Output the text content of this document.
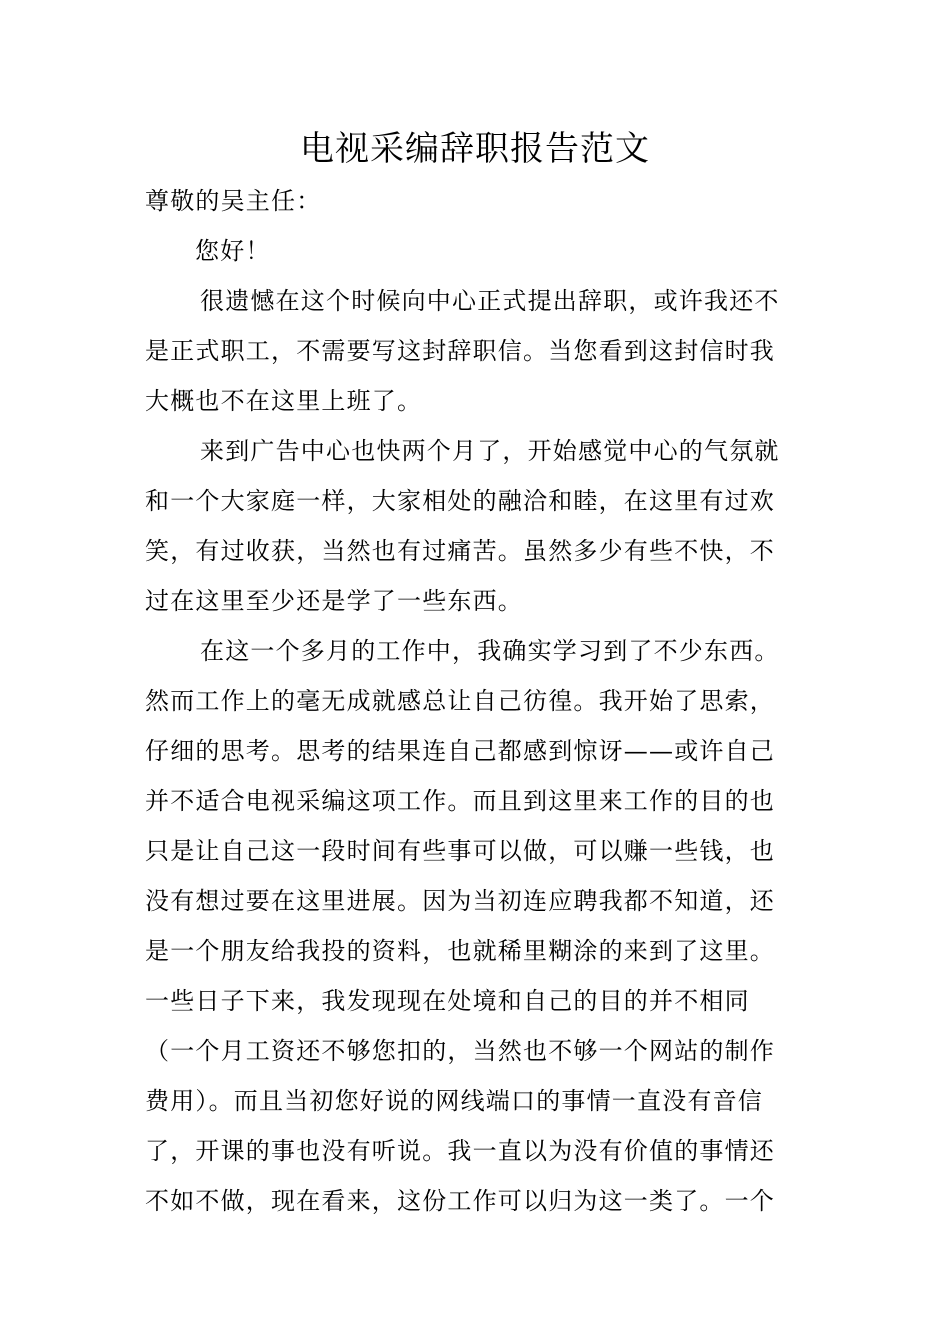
电视采编辞职报告范文
尊敬的吴主任：
您好！
很遗憾在这个时候向中心正式提出辞职，或许我还不
是正式职工，不需要写这封辞职信。当您看到这封信时我
大概也不在这里上班了。
来到广告中心也快两个月了，开始感觉中心的气氛就
和一个大家庭一样，大家相处的融洽和睦，在这里有过欢
笑，有过收获，当然也有过痛苦。虽然多少有些不快，不
过在这里至少还是学了一些东西。
在这一个多月的工作中，我确实学习到了不少东西。
然而工作上的毫无成就感总让自己彷徨。我开始了思索，
仔细的思考。思考的结果连自己都感到惊讶——或许自己
并不适合电视采编这项工作。而且到这里来工作的目的也
只是让自己这一段时间有些事可以做，可以赚一些钱，也
没有想过要在这里进展。因为当初连应聘我都不知道，还
是一个朋友给我投的资料，也就稀里糊涂的来到了这里。
一些日子下来，我发现现在处境和自己的目的并不相同
（一个月工资还不够您扣的，当然也不够一个网站的制作
费用）。而且当初您好说的网线端口的事情一直没有音信
了，开课的事也没有听说。我一直以为没有价值的事情还
不如不做，现在看来，这份工作可以归为这一类了。一个
